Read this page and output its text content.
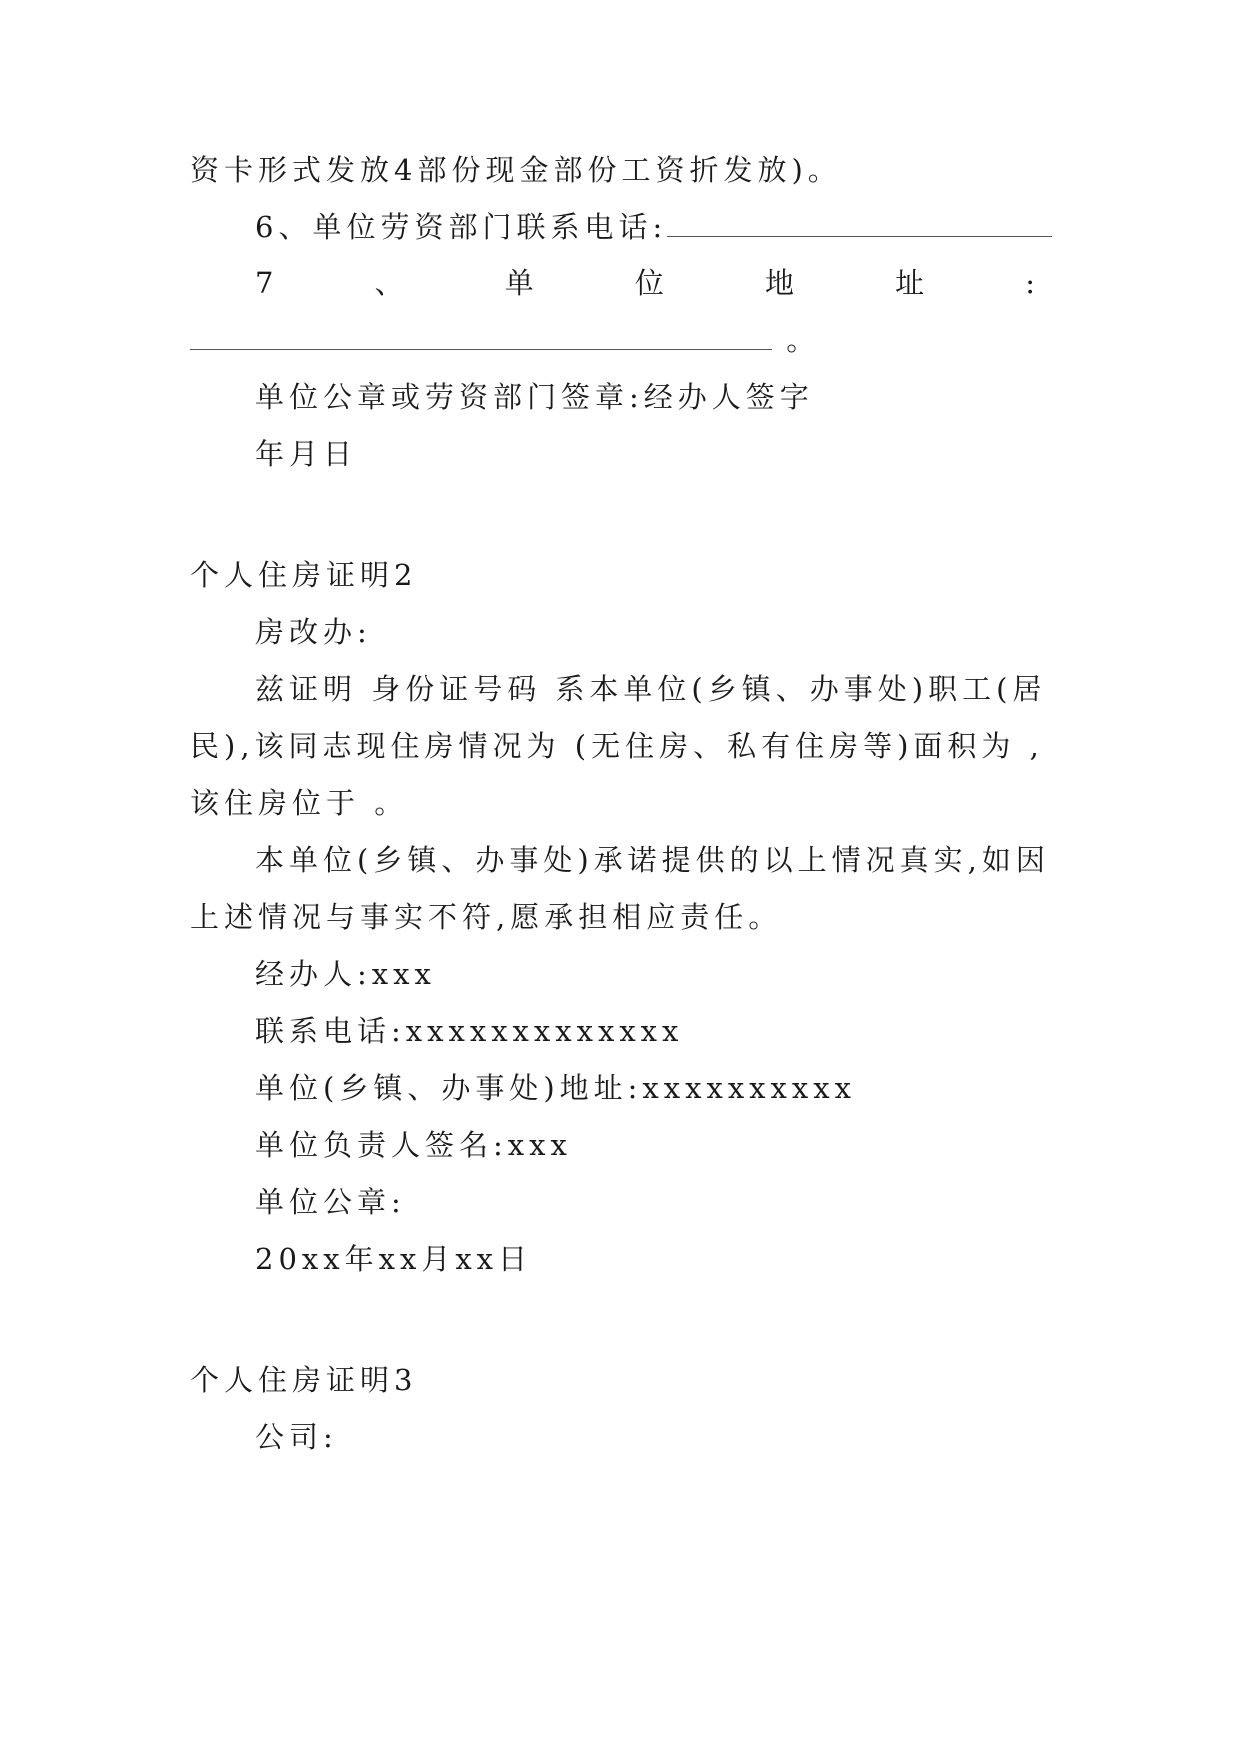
资卡形式发放4部份现金部份工资折发放)。
6、单位劳资部门联系电话:
7	、	单	位	地	址	:
。
单位公章或劳资部门签章:经办人签字
年月日
个人住房证明2
房改办:
兹证明 身份证号码 系本单位(乡镇、办事处)职工(居
民),该同志现住房情况为 (无住房、私有住房等)面积为 ,
该住房位于 。
本单位(乡镇、办事处)承诺提供的以上情况真实,如因
上述情况与事实不符,愿承担相应责任。
经办人:xxx
联系电话:xxxxxxxxxxxxx
单位(乡镇、办事处)地址:xxxxxxxxxx
单位负责人签名:xxx
单位公章:
20xx年xx月xx日
个人住房证明3
公司:
